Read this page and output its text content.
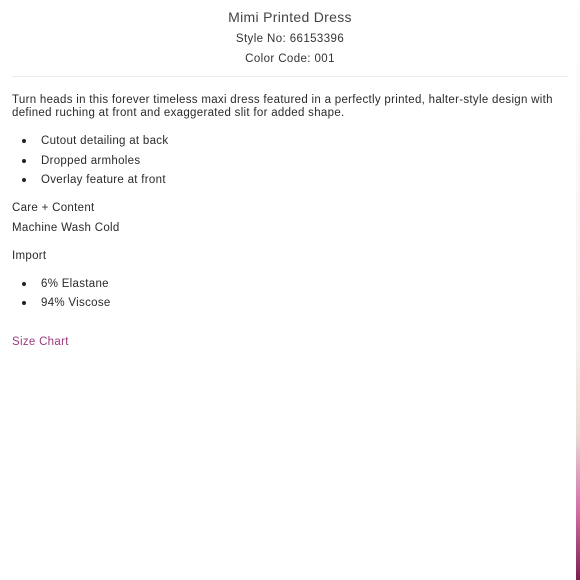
Mimi Printed Dress
Style No: 66153396
Color Code: 001

Turn heads in this forever timeless maxi dress featured in a perfectly printed, halter-style design with defined ruching at front and exaggerated slit for added shape.

Cutout detailing at back
Dropped armholes
Overlay feature at front

Care + Content

Machine Wash Cold

Import

6% Elastane
94% Viscose
Size Chart
